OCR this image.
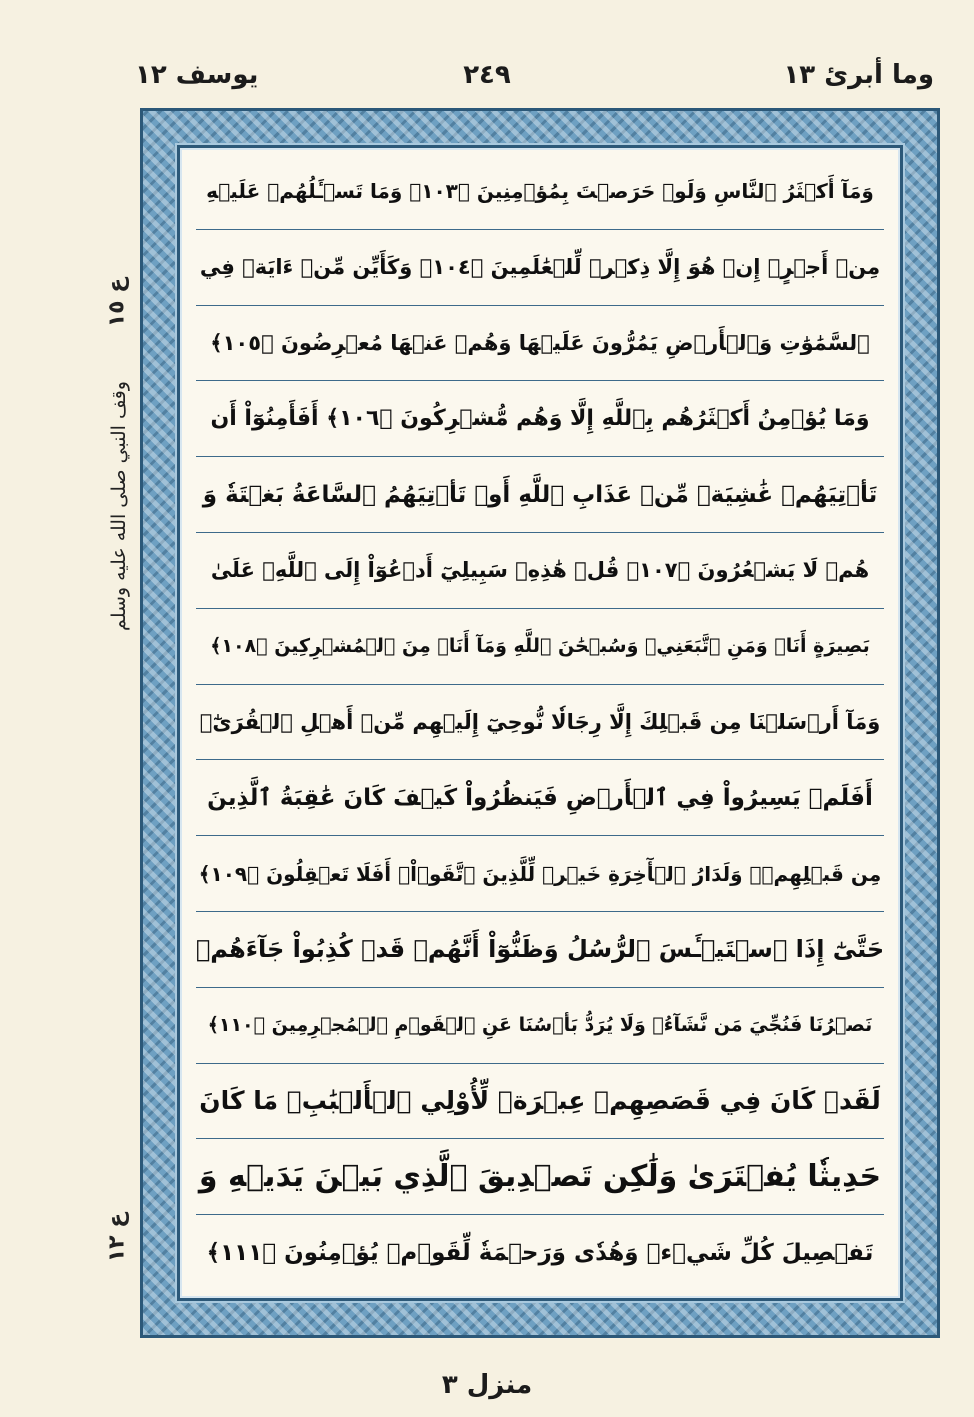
وما أبرئ ١٣
٢٤٩
يوسف ١٢
ع ١٥
وقف النبي صلى الله عليه وسلم
ع ١٢
وَمَآ أَكۡثَرُ ٱلنَّاسِ وَلَوۡ حَرَصۡتَ بِمُؤۡمِنِينَ ﴿١٠٣﴾ وَمَا تَسۡـَٔلُهُمۡ عَلَيۡهِ
مِنۡ أَجۡرٍۚ إِنۡ هُوَ إِلَّا ذِكۡرٞ لِّلۡعَٰلَمِينَ ﴿١٠٤﴾ وَكَأَيِّن مِّنۡ ءَايَةٖ فِي
ٱلسَّمَٰوَٰتِ وَٱلۡأَرۡضِ يَمُرُّونَ عَلَيۡهَا وَهُمۡ عَنۡهَا مُعۡرِضُونَ ﴿١٠٥﴾
وَمَا يُؤۡمِنُ أَكۡثَرُهُم بِٱللَّهِ إِلَّا وَهُم مُّشۡرِكُونَ ﴿١٠٦﴾ أَفَأَمِنُوٓاْ أَن
تَأۡتِيَهُمۡ غَٰشِيَةٞ مِّنۡ عَذَابِ ٱللَّهِ أَوۡ تَأۡتِيَهُمُ ٱلسَّاعَةُ بَغۡتَةٗ وَ
هُمۡ لَا يَشۡعُرُونَ ﴿١٠٧﴾ قُلۡ هَٰذِهِۦ سَبِيلِيٓ أَدۡعُوٓاْ إِلَى ٱللَّهِۚ عَلَىٰ
بَصِيرَةٍ أَنَا۠ وَمَنِ ٱتَّبَعَنِيۖ وَسُبۡحَٰنَ ٱللَّهِ وَمَآ أَنَا۠ مِنَ ٱلۡمُشۡرِكِينَ ﴿١٠٨﴾
وَمَآ أَرۡسَلۡنَا مِن قَبۡلِكَ إِلَّا رِجَالٗا نُّوحِيٓ إِلَيۡهِم مِّنۡ أَهۡلِ ٱلۡقُرَىٰٓۗ
أَفَلَمۡ يَسِيرُواْ فِي ٱلۡأَرۡضِ فَيَنظُرُواْ كَيۡفَ كَانَ عَٰقِبَةُ ٱلَّذِينَ
مِن قَبۡلِهِمۡۗ وَلَدَارُ ٱلۡأٓخِرَةِ خَيۡرٞ لِّلَّذِينَ ٱتَّقَوۡاْۚ أَفَلَا تَعۡقِلُونَ ﴿١٠٩﴾
حَتَّىٰٓ إِذَا ٱسۡتَيۡـَٔسَ ٱلرُّسُلُ وَظَنُّوٓاْ أَنَّهُمۡ قَدۡ كُذِبُواْ جَآءَهُمۡ
نَصۡرُنَا فَنُجِّيَ مَن نَّشَآءُۖ وَلَا يُرَدُّ بَأۡسُنَا عَنِ ٱلۡقَوۡمِ ٱلۡمُجۡرِمِينَ ﴿١١٠﴾
لَقَدۡ كَانَ فِي قَصَصِهِمۡ عِبۡرَةٞ لِّأُوْلِي ٱلۡأَلۡبَٰبِۗ مَا كَانَ
حَدِيثٗا يُفۡتَرَىٰ وَلَٰكِن تَصۡدِيقَ ٱلَّذِي بَيۡنَ يَدَيۡهِ وَ
تَفۡصِيلَ كُلِّ شَيۡءٖ وَهُدٗى وَرَحۡمَةٗ لِّقَوۡمٖ يُؤۡمِنُونَ ﴿١١١﴾
منزل ٣
